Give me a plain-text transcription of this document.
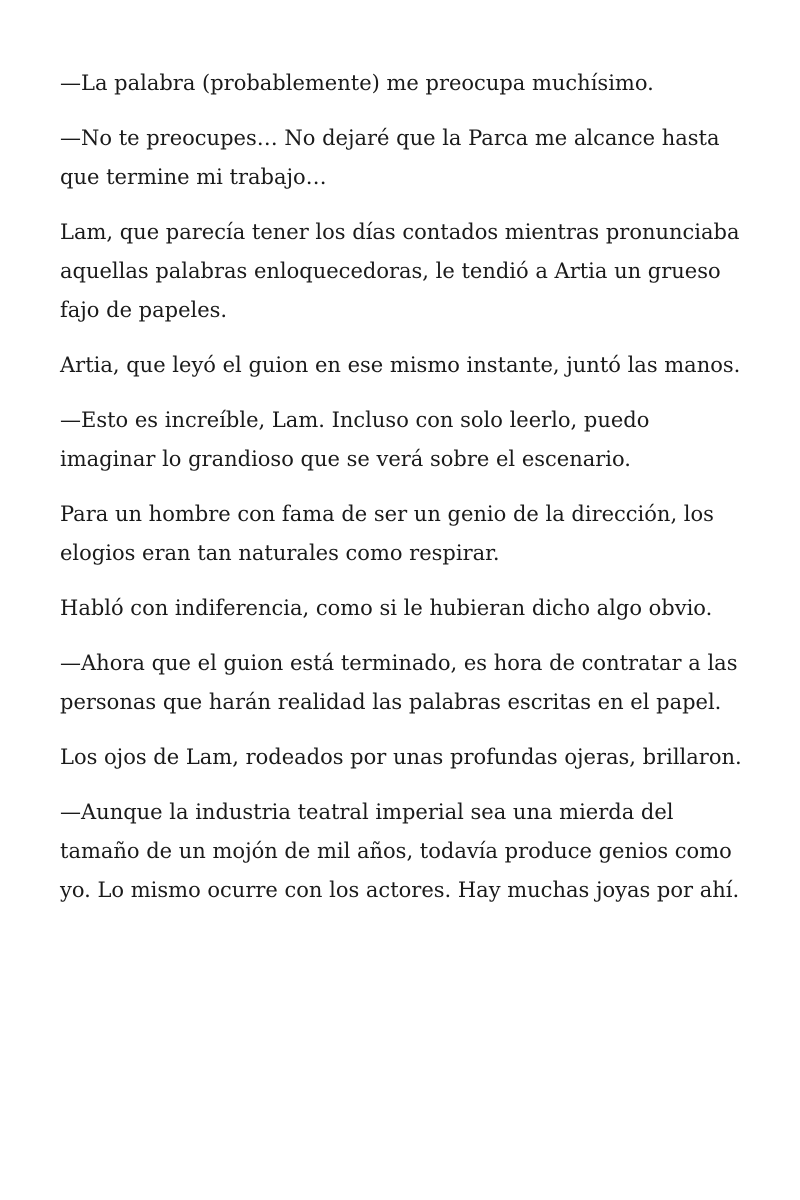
—La palabra (probablemente) me preocupa muchísimo.

—No te preocupes… No dejaré que la Parca me alcance hasta que termine mi trabajo…

Lam, que parecía tener los días contados mientras pronunciaba aquellas palabras enloquecedoras, le tendió a Artia un grueso fajo de papeles.

Artia, que leyó el guion en ese mismo instante, juntó las manos.

—Esto es increíble, Lam. Incluso con solo leerlo, puedo imaginar lo grandioso que se verá sobre el escenario.

Para un hombre con fama de ser un genio de la dirección, los elogios eran tan naturales como respirar.

Habló con indiferencia, como si le hubieran dicho algo obvio.

—Ahora que el guion está terminado, es hora de contratar a las personas que harán realidad las palabras escritas en el papel.

Los ojos de Lam, rodeados por unas profundas ojeras, brillaron.

—Aunque la industria teatral imperial sea una mierda del tamaño de un mojón de mil años, todavía produce genios como yo. Lo mismo ocurre con los actores. Hay muchas joyas por ahí.
